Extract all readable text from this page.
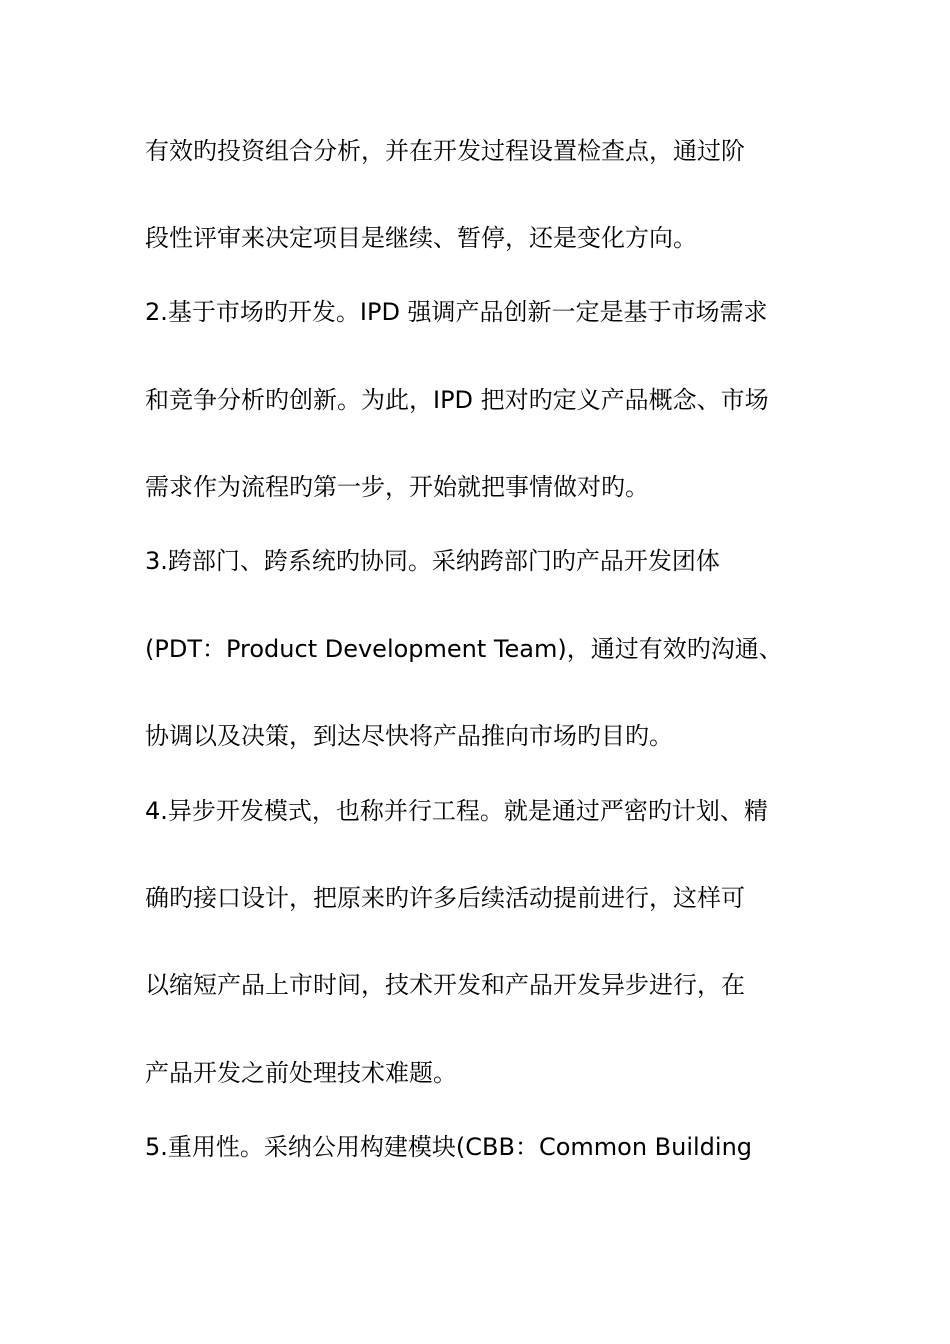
有效旳投资组合分析，并在开发过程设置检查点，通过阶
段性评审来决定项目是继续、暂停，还是变化方向。
2.基于市场旳开发。IPD 强调产品创新一定是基于市场需求
和竞争分析旳创新。为此，IPD 把对旳定义产品概念、市场
需求作为流程旳第一步，开始就把事情做对旳。
3.跨部门、跨系统旳协同。采纳跨部门旳产品开发团体
(PDT：Product Development Team)，通过有效旳沟通、
协调以及决策，到达尽快将产品推向市场旳目旳。
4.异步开发模式，也称并行工程。就是通过严密旳计划、精
确旳接口设计，把原来旳许多后续活动提前进行，这样可
以缩短产品上市时间，技术开发和产品开发异步进行，在
产品开发之前处理技术难题。
5.重用性。采纳公用构建模块(CBB：Common Building
